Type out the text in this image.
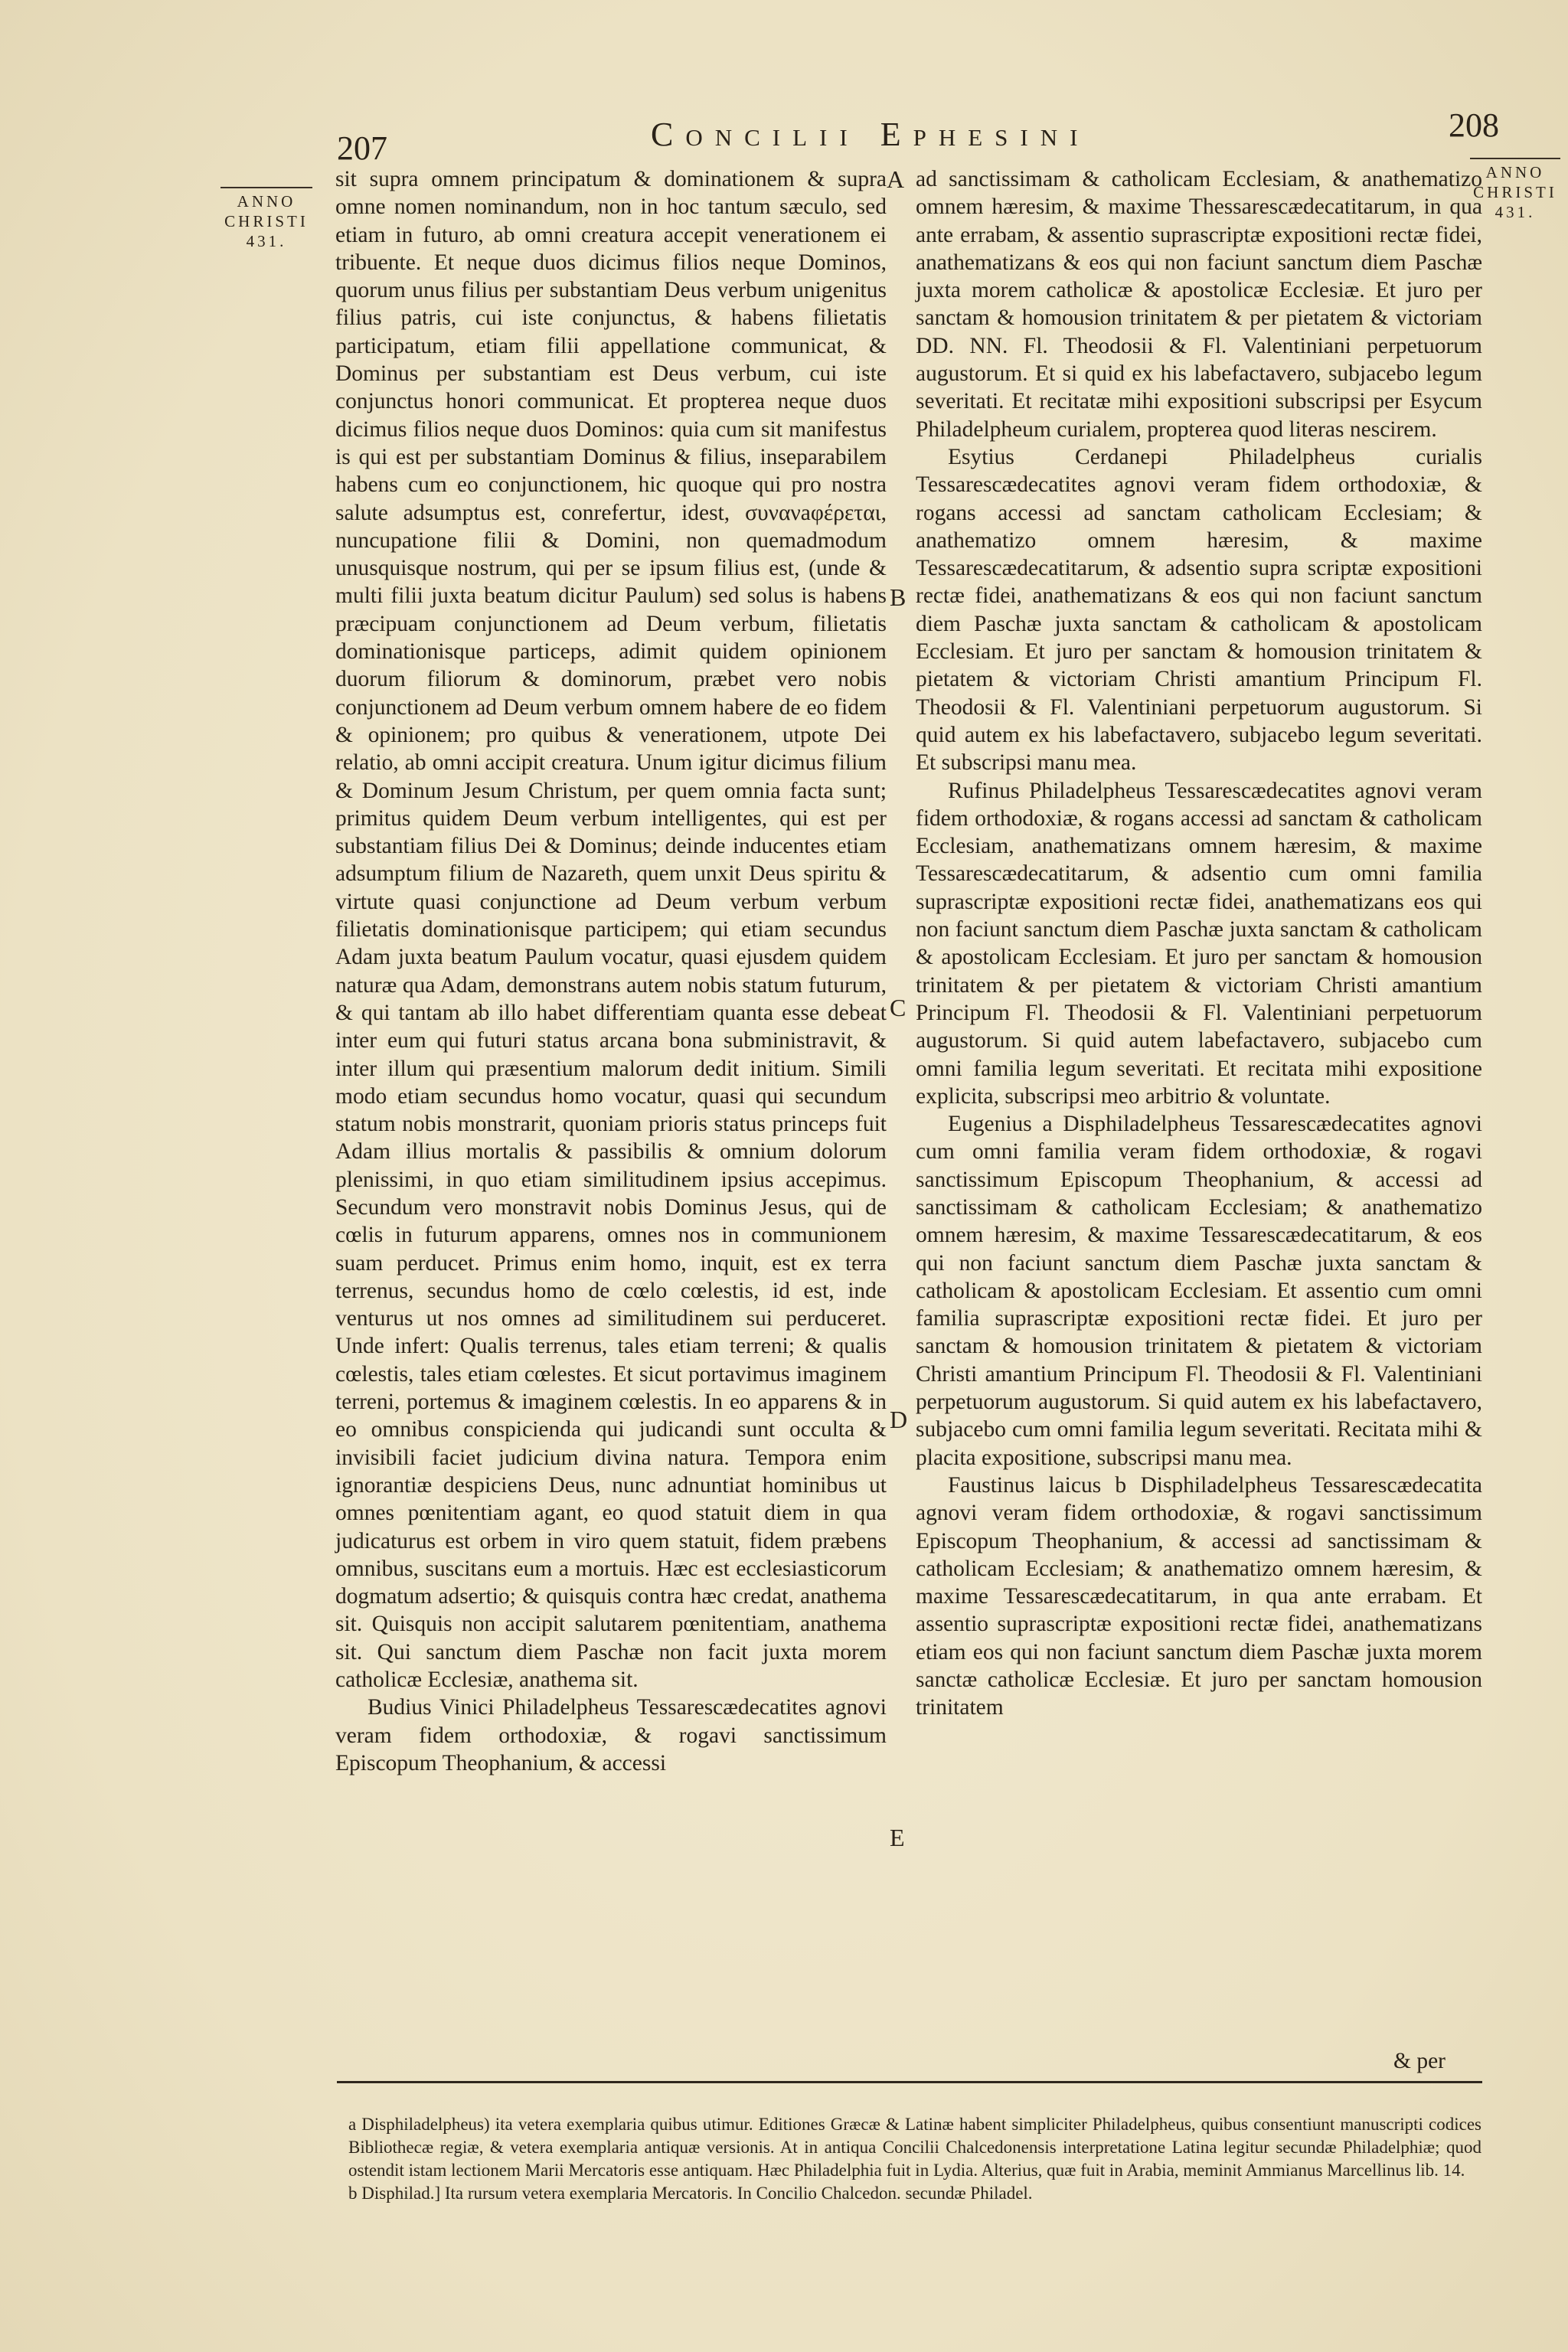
207	Concilii Ephesini	208
ANNO
CHRISTI
431.
ANNO
CHRISTI
431.

sit supra omnem principatum & dominationem & supra omne nomen nominandum, non in hoc tantum sæculo, sed etiam in futuro, ab omni creatura accepit venerationem ei tribuente. Et neque duos dicimus filios neque Dominos, quorum unus filius per substantiam Deus verbum unigenitus filius patris, cui iste conjunctus, & habens filietatis participatum, etiam filii appellatione communicat, & Dominus per substantiam est Deus verbum, cui iste conjunctus honori communicat. Et propterea neque duos dicimus filios neque duos Dominos: quia cum sit manifestus is qui est per substantiam Dominus & filius, inseparabilem habens cum eo conjunctionem, hic quoque qui pro nostra salute adsumptus est, conrefertur, idest, συνανaφέρεται, nuncupatione filii & Domini, non quemadmodum unusquisque nostrum, qui per se ipsum filius est, (unde & multi filii juxta beatum dicitur Paulum) sed solus is habens præcipuam conjunctionem ad Deum verbum, filietatis dominationisque particeps, adimit quidem opinionem duorum filiorum & dominorum, præbet vero nobis conjunctionem ad Deum verbum omnem habere de eo fidem & opinionem; pro quibus & venerationem, utpote Dei relatio, ab omni accipit creatura. Unum igitur dicimus filium & Dominum Jesum Christum, per quem omnia facta sunt; primitus quidem Deum verbum intelligentes, qui est per substantiam filius Dei & Dominus; deinde inducentes etiam adsumptum filium de Nazareth, quem unxit Deus spiritu & virtute quasi conjunctione ad Deum verbum verbum filietatis dominationisque participem; qui etiam secundus Adam juxta beatum Paulum vocatur, quasi ejusdem quidem naturæ qua Adam, demonstrans autem nobis statum futurum, & qui tantam ab illo habet differentiam quanta esse debeat inter eum qui futuri status arcana bona subministravit, & inter illum qui præsentium malorum dedit initium. Simili modo etiam secundus homo vocatur, quasi qui secundum statum nobis monstrarit, quoniam prioris status princeps fuit Adam illius mortalis & passibilis & omnium dolorum plenissimi, in quo etiam similitudinem ipsius accepimus. Secundum vero monstravit nobis Dominus Jesus, qui de cœlis in futurum apparens, omnes nos in communionem suam perducet. Primus enim homo, inquit, est ex terra terrenus, secundus homo de cœlo cœlestis, id est, inde venturus ut nos omnes ad similitudinem sui perduceret. Unde infert: Qualis terrenus, tales etiam terreni; & qualis cœlestis, tales etiam cœlestes. Et sicut portavimus imaginem terreni, portemus & imaginem cœlestis. In eo apparens & in eo omnibus conspicienda qui judicandi sunt occulta & invisibili faciet judicium divina natura. Tempora enim ignorantiæ despiciens Deus, nunc adnuntiat hominibus ut omnes pœnitentiam agant, eo quod statuit diem in qua judicaturus est orbem in viro quem statuit, fidem præbens omnibus, suscitans eum a mortuis. Hæc est ecclesiasticorum dogmatum adsertio; & quisquis contra hæc credat, anathema sit. Quisquis non accipit salutarem pœnitentiam, anathema sit. Qui sanctum diem Paschæ non facit juxta morem catholicæ Ecclesiæ, anathema sit.

Budius Vinici Philadelpheus Tessarescædecatites agnovi veram fidem orthodoxiæ, & rogavi sanctissimum Episcopum Theophanium, & accessi

A
B
C
D
E

ad sanctissimam & catholicam Ecclesiam, & anathematizo omnem hæresim, & maxime Thessarescædecatitarum, in qua ante errabam, & assentio suprascriptæ expositioni rectæ fidei, anathematizans & eos qui non faciunt sanctum diem Paschæ juxta morem catholicæ & apostolicæ Ecclesiæ. Et juro per sanctam & homousion trinitatem & per pietatem & victoriam DD. NN. Fl. Theodosii & Fl. Valentiniani perpetuorum augustorum. Et si quid ex his labefactavero, subjacebo legum severitati. Et recitatæ mihi expositioni subscripsi per Esycum Philadelpheum curialem, propterea quod literas nescirem.

Esytius Cerdanepi Philadelpheus curialis Tessarescædecatites agnovi veram fidem orthodoxiæ, & rogans accessi ad sanctam catholicam Ecclesiam; & anathematizo omnem hæresim, & maxime Tessarescædecatitarum, & adsentio supra scriptæ expositioni rectæ fidei, anathematizans & eos qui non faciunt sanctum diem Paschæ juxta sanctam & catholicam & apostolicam Ecclesiam. Et juro per sanctam & homousion trinitatem & pietatem & victoriam Christi amantium Principum Fl. Theodosii & Fl. Valentiniani perpetuorum augustorum. Si quid autem ex his labefactavero, subjacebo legum severitati. Et subscripsi manu mea.

Rufinus Philadelpheus Tessarescædecatites agnovi veram fidem orthodoxiæ, & rogans accessi ad sanctam & catholicam Ecclesiam, anathematizans omnem hæresim, & maxime Tessarescædecatitarum, & adsentio cum omni familia suprascriptæ expositioni rectæ fidei, anathematizans eos qui non faciunt sanctum diem Paschæ juxta sanctam & catholicam & apostolicam Ecclesiam. Et juro per sanctam & homousion trinitatem & per pietatem & victoriam Christi amantium Principum Fl. Theodosii & Fl. Valentiniani perpetuorum augustorum. Si quid autem labefactavero, subjacebo cum omni familia legum severitati. Et recitata mihi expositione explicita, subscripsi meo arbitrio & voluntate.

Eugenius a Disphiladelpheus Tessarescædecatites agnovi cum omni familia veram fidem orthodoxiæ, & rogavi sanctissimum Episcopum Theophanium, & accessi ad sanctissimam & catholicam Ecclesiam; & anathematizo omnem hæresim, & maxime Tessarescædecatitarum, & eos qui non faciunt sanctum diem Paschæ juxta sanctam & catholicam & apostolicam Ecclesiam. Et assentio cum omni familia suprascriptæ expositioni rectæ fidei. Et juro per sanctam & homousion trinitatem & pietatem & victoriam Christi amantium Principum Fl. Theodosii & Fl. Valentiniani perpetuorum augustorum. Si quid autem ex his labefactavero, subjacebo cum omni familia legum severitati. Recitata mihi & placita expositione, subscripsi manu mea.

Faustinus laicus b Disphiladelpheus Tessarescædecatita agnovi veram fidem orthodoxiæ, & rogavi sanctissimum Episcopum Theophanium, & accessi ad sanctissimam & catholicam Ecclesiam; & anathematizo omnem hæresim, & maxime Tessarescædecatitarum, in qua ante errabam. Et assentio suprascriptæ expositioni rectæ fidei, anathematizans etiam eos qui non faciunt sanctum diem Paschæ juxta morem sanctæ catholicæ Ecclesiæ. Et juro per sanctam homousion trinitatem

& per

a Disphiladelpheus) ita vetera exemplaria quibus utimur. Editiones Græcæ & Latinæ habent simpliciter Philadelpheus, quibus consentiunt manuscripti codices Bibliothecæ regiæ, & vetera exemplaria antiquæ versionis. At in antiqua Concilii Chalcedonensis interpretatione Latina legitur secundæ Philadelphiæ; quod ostendit istam lectionem Marii Mercatoris esse antiquam. Hæc Philadelphia fuit in Lydia. Alterius, quæ fuit in Arabia, meminit Ammianus Marcellinus lib. 14.

b Disphilad.] Ita rursum vetera exemplaria Mercatoris. In Concilio Chalcedon. secundæ Philadel.
